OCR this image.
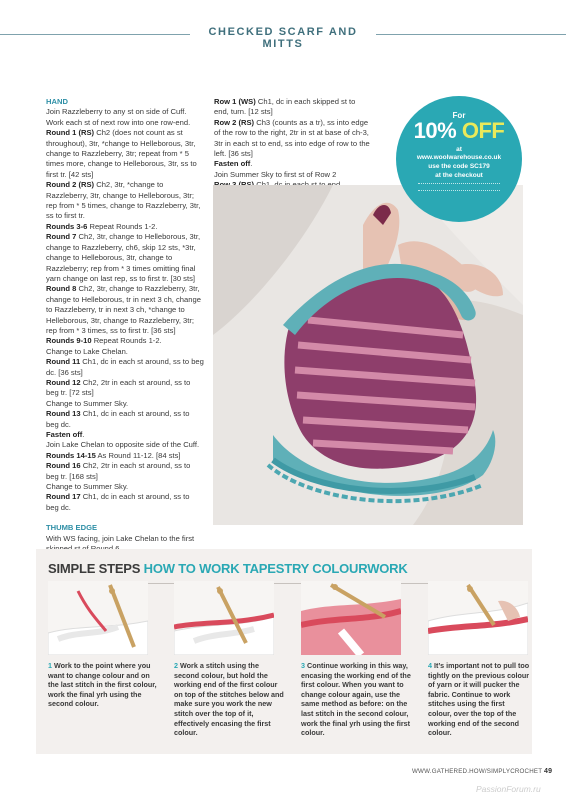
CHECKED SCARF AND MITTS

HAND

Join Razzleberry to any st on side of Cuff. Work each st of next row into one row-end.

Round 1 (RS) Ch2 (does not count as st throughout), 3tr, *change to Helleborous, 3tr, change to Razzleberry, 3tr; repeat from * 5 times more, change to Helleborous, 3tr, ss to first tr. [42 sts]

Round 2 (RS) Ch2, 3tr, *change to Razzleberry, 3tr, change to Helleborous, 3tr; rep from * 5 times, change to Razzleberry, 3tr, ss to first tr.

Rounds 3-6 Repeat Rounds 1-2.

Round 7 Ch2, 3tr, change to Helleborous, 3tr, change to Razzleberry, ch6, skip 12 sts, *3tr, change to Helleborous, 3tr, change to Razzleberry; rep from * 3 times omitting final yarn change on last rep, ss to first tr. [30 sts]

Round 8 Ch2, 3tr, change to Razzleberry, 3tr, change to Helleborous, tr in next 3 ch, change to Razzleberry, tr in next 3 ch, *change to Helleborous, 3tr, change to Razzleberry, 3tr; rep from * 3 times, ss to first tr. [36 sts]

Rounds 9-10 Repeat Rounds 1-2.

Change to Lake Chelan.

Round 11 Ch1, dc in each st around, ss to beg dc. [36 sts]

Round 12 Ch2, 2tr in each st around, ss to beg tr. [72 sts]

Change to Summer Sky.

Round 13 Ch1, dc in each st around, ss to beg dc.

Fasten off.

Join Lake Chelan to opposite side of the Cuff.

Rounds 14-15 As Round 11-12. [84 sts]

Round 16 Ch2, 2tr in each st around, ss to beg tr. [168 sts]

Change to Summer Sky.

Round 17 Ch1, dc in each st around, ss to beg dc.

THUMB EDGE

With WS facing, join Lake Chelan to the first

Row 1 (WS) Ch1, dc in each skipped st to end, turn. [12 sts]

Row 2 (RS) Ch3 (counts as a tr), ss into edge of the row to the right, 2tr in st at base of ch-3, 3tr in each st to end, ss into edge of row to the left. [36 sts]

Fasten off.

Join Summer Sky to first st of Row 2

For
10% OFF
at
www.woolwarehouse.co.uk
use the code SC179
at the checkout
SIMPLE STEPS HOW TO WORK TAPESTRY COLOURWORK
1 Work to the point where you want to change colour and on the last stitch in the first colour, work the final yrh using the second colour.
2 Work a stitch using the second colour, but hold the working end of the first colour on top of the stitches below and make sure you work the new stitch over the top of it, effectively encasing the first colour.
3 Continue working in this way, encasing the working end of the first colour. When you want to change colour again, use the same method as before: on the last stitch in the second colour, work the final yrh using the first colour.
4 It’s important not to pull too tightly on the previous colour of yarn or it will pucker the fabric. Continue to work stitches using the first colour, over the top of the working end of the second colour.
WWW.GATHERED.HOW/SIMPLYCROCHET 49
PassionForum.ru
